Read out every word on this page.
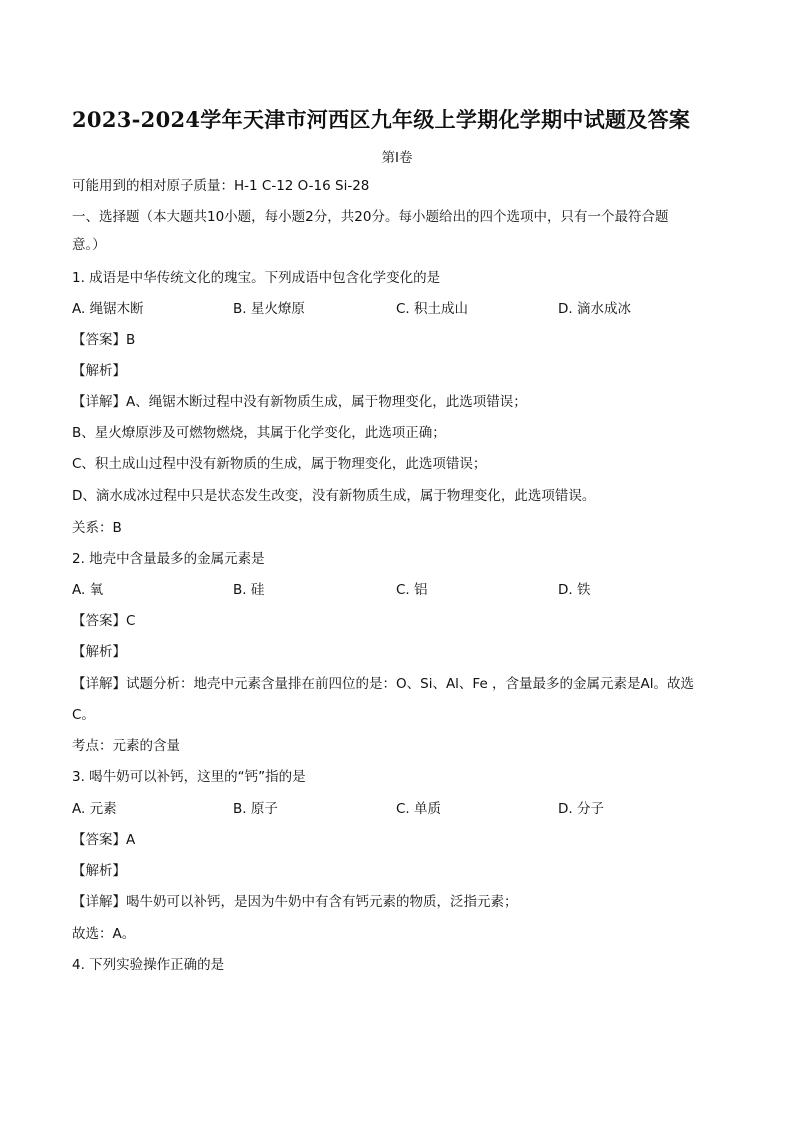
2023-2024学年天津市河西区九年级上学期化学期中试题及答案
第Ⅰ卷
可能用到的相对原子质量：H-1 C-12 O-16 Si-28
一、选择题（本大题共10小题，每小题2分，共20分。每小题给出的四个选项中，只有一个最符合题
意。）
1. 成语是中华传统文化的瑰宝。下列成语中包含化学变化的是
A. 绳锯木断	B. 星火燎原	C. 积土成山	D. 滴水成冰
【答案】B
【解析】
【详解】A、绳锯木断过程中没有新物质生成，属于物理变化，此选项错误；
B、星火燎原涉及可燃物燃烧，其属于化学变化，此选项正确；
C、积土成山过程中没有新物质的生成，属于物理变化，此选项错误；
D、滴水成冰过程中只是状态发生改变，没有新物质生成，属于物理变化，此选项错误。
关系：B
2. 地壳中含量最多的金属元素是
A. 氧	B. 硅	C. 铝	D. 铁
【答案】C
【解析】
【详解】试题分析：地壳中元素含量排在前四位的是：O、Si、Al、Fe ，含量最多的金属元素是Al。故选
C。
考点：元素的含量
3. 喝牛奶可以补钙，这里的“钙”指的是
A. 元素	B. 原子	C. 单质	D. 分子
【答案】A
【解析】
【详解】喝牛奶可以补钙，是因为牛奶中有含有钙元素的物质，泛指元素；
故选：A。
4. 下列实验操作正确的是
